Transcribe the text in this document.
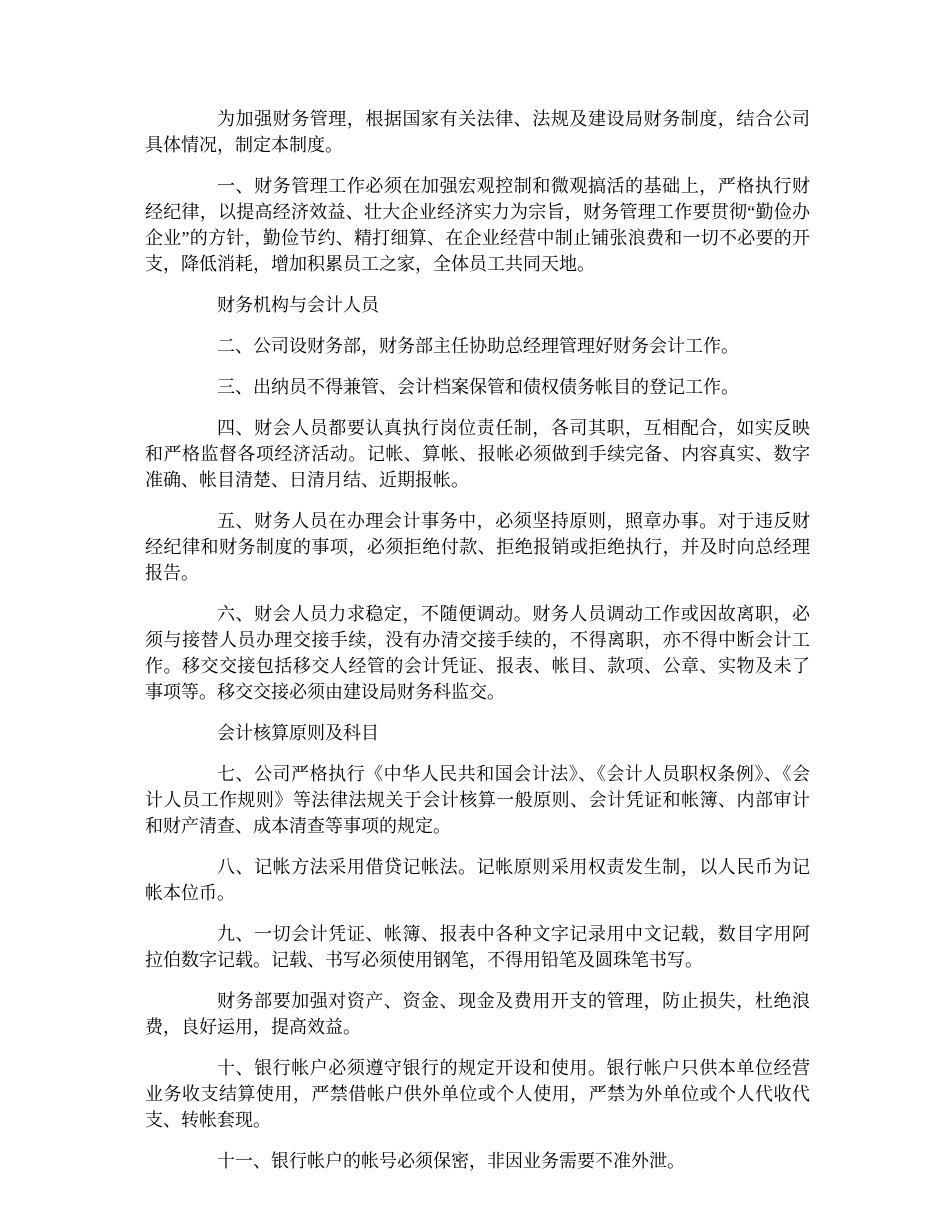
为加强财务管理，根据国家有关法律、法规及建设局财务制度，结合公司具体情况，制定本制度。

一、财务管理工作必须在加强宏观控制和微观搞活的基础上，严格执行财经纪律，以提高经济效益、壮大企业经济实力为宗旨，财务管理工作要贯彻“勤俭办企业”的方针，勤俭节约、精打细算、在企业经营中制止铺张浪费和一切不必要的开支，降低消耗，增加积累员工之家，全体员工共同天地。

财务机构与会计人员

二、公司设财务部，财务部主任协助总经理管理好财务会计工作。

三、出纳员不得兼管、会计档案保管和债权债务帐目的登记工作。

四、财会人员都要认真执行岗位责任制，各司其职，互相配合，如实反映和严格监督各项经济活动。记帐、算帐、报帐必须做到手续完备、内容真实、数字准确、帐目清楚、日清月结、近期报帐。

五、财务人员在办理会计事务中，必须坚持原则，照章办事。对于违反财经纪律和财务制度的事项，必须拒绝付款、拒绝报销或拒绝执行，并及时向总经理报告。

六、财会人员力求稳定，不随便调动。财务人员调动工作或因故离职，必须与接替人员办理交接手续，没有办清交接手续的，不得离职，亦不得中断会计工作。移交交接包括移交人经管的会计凭证、报表、帐目、款项、公章、实物及未了事项等。移交交接必须由建设局财务科监交。

会计核算原则及科目

七、公司严格执行《中华人民共和国会计法》、《会计人员职权条例》、《会计人员工作规则》等法律法规关于会计核算一般原则、会计凭证和帐簿、内部审计和财产清查、成本清查等事项的规定。

八、记帐方法采用借贷记帐法。记帐原则采用权责发生制，以人民币为记帐本位币。

九、一切会计凭证、帐簿、报表中各种文字记录用中文记载，数目字用阿拉伯数字记载。记载、书写必须使用钢笔，不得用铅笔及圆珠笔书写。

财务部要加强对资产、资金、现金及费用开支的管理，防止损失，杜绝浪费，良好运用，提高效益。

十、银行帐户必须遵守银行的规定开设和使用。银行帐户只供本单位经营业务收支结算使用，严禁借帐户供外单位或个人使用，严禁为外单位或个人代收代支、转帐套现。

十一、银行帐户的帐号必须保密，非因业务需要不准外泄。
